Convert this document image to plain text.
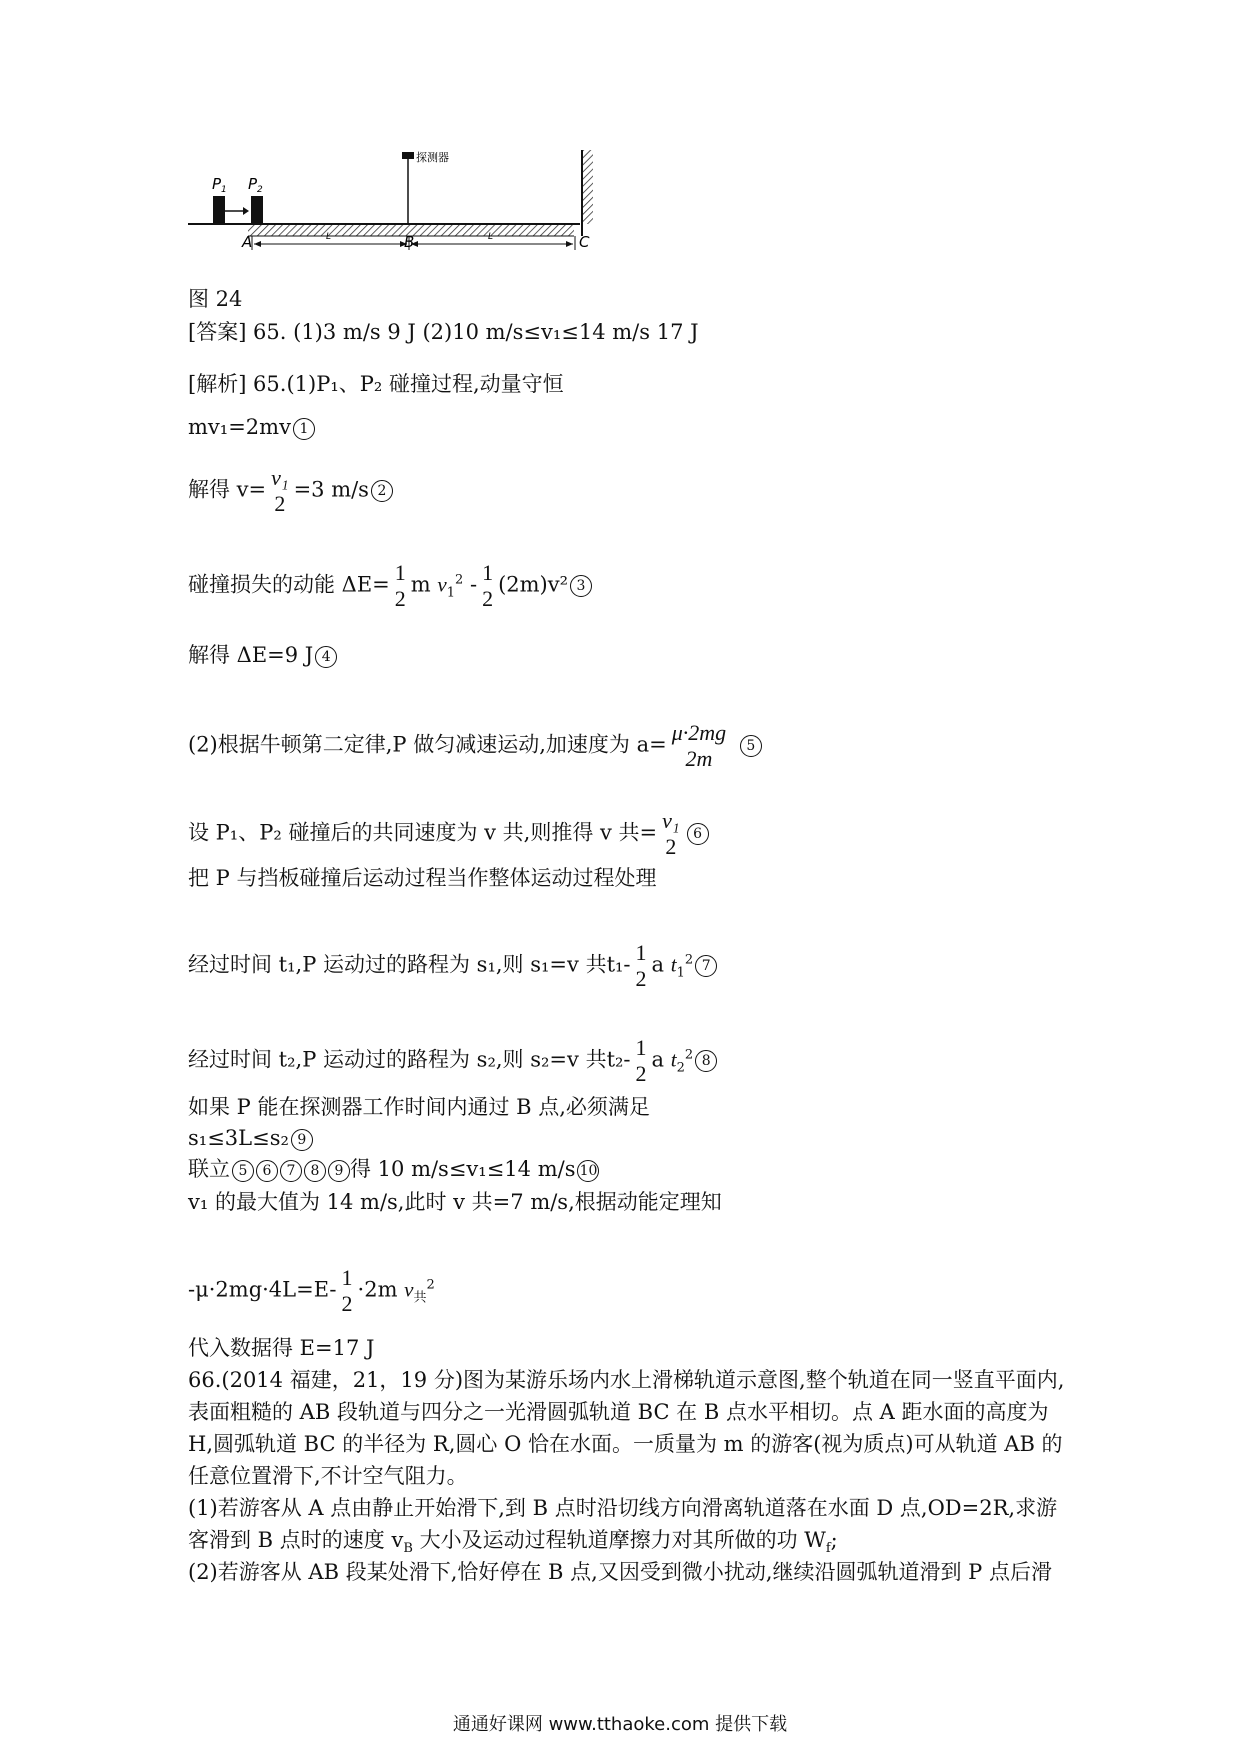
$P_1$ $P_2$
探测器
L	L
A	B	C
图 24
[答案] 65. (1)3 m/s 9 J (2)10 m/s≤v₁≤14 m/s 17 J
[解析] 65.(1)P₁、P₂ 碰撞过程,动量守恒
mv₁=2mv 1
解得 v= v₁
2
=3 m/s 2
碰撞损失的动能 ΔE= 1
2
m $v_1^2 - 1$
2
(2m)v² 3
解得 ΔE=9 J 4
(2)根据牛顿第二定律,P 做匀减速运动,加速度为 a= μ·2mg
2m	5
设 P₁、P₂ 碰撞后的共同速度为 v 共,则推得 v 共= v₁
2	6
把 P 与挡板碰撞后运动过程当作整体运动过程处理
经过时间 t₁,P 运动过的路程为 s₁,则 s₁=v 共t₁- 1
2
a $t_1^2$ 7
经过时间 t₂,P 运动过的路程为 s₂,则 s₂=v 共t₂- 1
2
a $t_2^2$ 8
如果 P 能在探测器工作时间内通过 B 点,必须满足
s₁≤3L≤s₂ 9
联立 5 6 7 8 9 得 10 m/s≤v₁≤14 m/s 10
v₁ 的最大值为 14 m/s,此时 v 共=7 m/s,根据动能定理知
-μ·2mg·4L=E- 1
2
·2m $v_共^2$
代入数据得 E=17 J
66.(2014 福建，21，19 分)图为某游乐场内水上滑梯轨道示意图,整个轨道在同一竖直平面内,表面粗糙的 AB 段轨道与四分之一光滑圆弧轨道 BC 在 B 点水平相切。点 A 距水面的高度为 H,圆弧轨道 BC 的半径为 R,圆心 O 恰在水面。一质量为 m 的游客(视为质点)可从轨道 AB 的任意位置滑下,不计空气阻力。
(1)若游客从 A 点由静止开始滑下,到 B 点时沿切线方向滑离轨道落在水面 D 点,OD=2R,求游客滑到 B 点时的速度 $v_B$ 大小及运动过程轨道摩擦力对其所做的功 $W_f$;
(2)若游客从 AB 段某处滑下,恰好停在 B 点,又因受到微小扰动,继续沿圆弧轨道滑到 P 点后滑
通通好课网 www.tthaoke.com 提供下载
